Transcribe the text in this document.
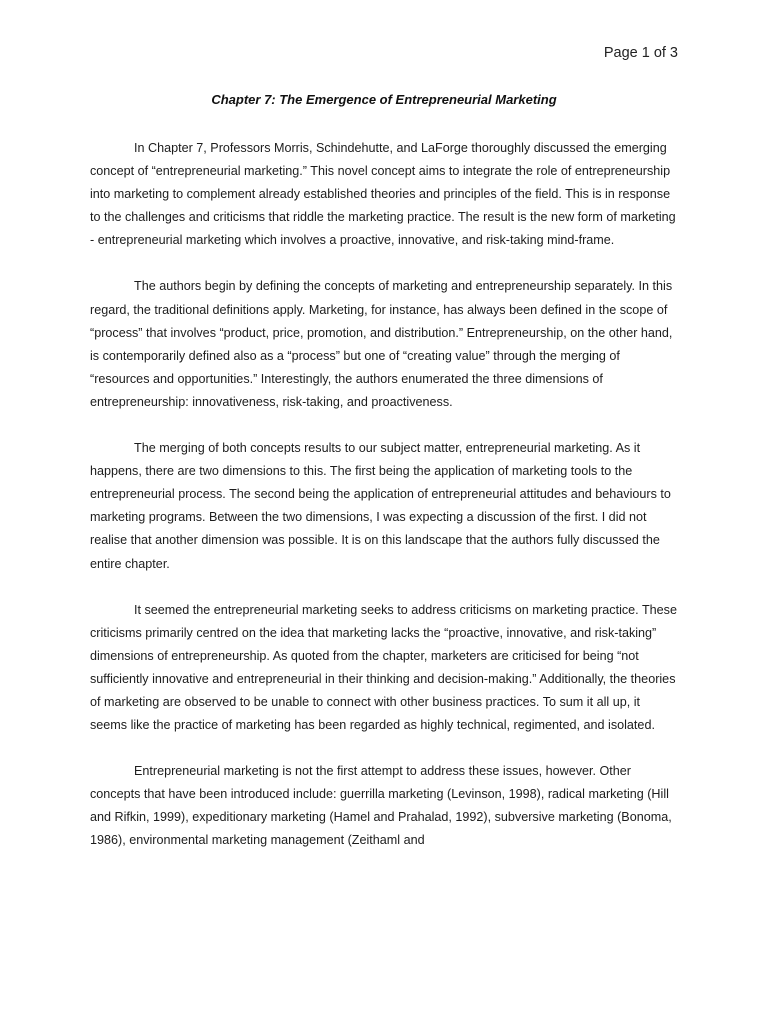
Page 1 of 3
Chapter 7: The Emergence of Entrepreneurial Marketing

In Chapter 7, Professors Morris, Schindehutte, and LaForge thoroughly discussed the emerging concept of “entrepreneurial marketing.” This novel concept aims to integrate the role of entrepreneurship into marketing to complement already established theories and principles of the field. This is in response to the challenges and criticisms that riddle the marketing practice. The result is the new form of marketing - entrepreneurial marketing which involves a proactive, innovative, and risk-taking mind-frame.

The authors begin by defining the concepts of marketing and entrepreneurship separately. In this regard, the traditional definitions apply. Marketing, for instance, has always been defined in the scope of “process” that involves “product, price, promotion, and distribution.” Entrepreneurship, on the other hand, is contemporarily defined also as a “process” but one of “creating value” through the merging of “resources and opportunities.” Interestingly, the authors enumerated the three dimensions of entrepreneurship: innovativeness, risk-taking, and proactiveness.

The merging of both concepts results to our subject matter, entrepreneurial marketing. As it happens, there are two dimensions to this. The first being the application of marketing tools to the entrepreneurial process. The second being the application of entrepreneurial attitudes and behaviours to marketing programs. Between the two dimensions, I was expecting a discussion of the first. I did not realise that another dimension was possible. It is on this landscape that the authors fully discussed the entire chapter.

It seemed the entrepreneurial marketing seeks to address criticisms on marketing practice. These criticisms primarily centred on the idea that marketing lacks the “proactive, innovative, and risk-taking” dimensions of entrepreneurship. As quoted from the chapter, marketers are criticised for being “not sufficiently innovative and entrepreneurial in their thinking and decision-making.” Additionally, the theories of marketing are observed to be unable to connect with other business practices. To sum it all up, it seems like the practice of marketing has been regarded as highly technical, regimented, and isolated.

Entrepreneurial marketing is not the first attempt to address these issues, however. Other concepts that have been introduced include: guerrilla marketing (Levinson, 1998), radical marketing (Hill and Rifkin, 1999), expeditionary marketing (Hamel and Prahalad, 1992), subversive marketing (Bonoma, 1986), environmental marketing management (Zeithaml and
